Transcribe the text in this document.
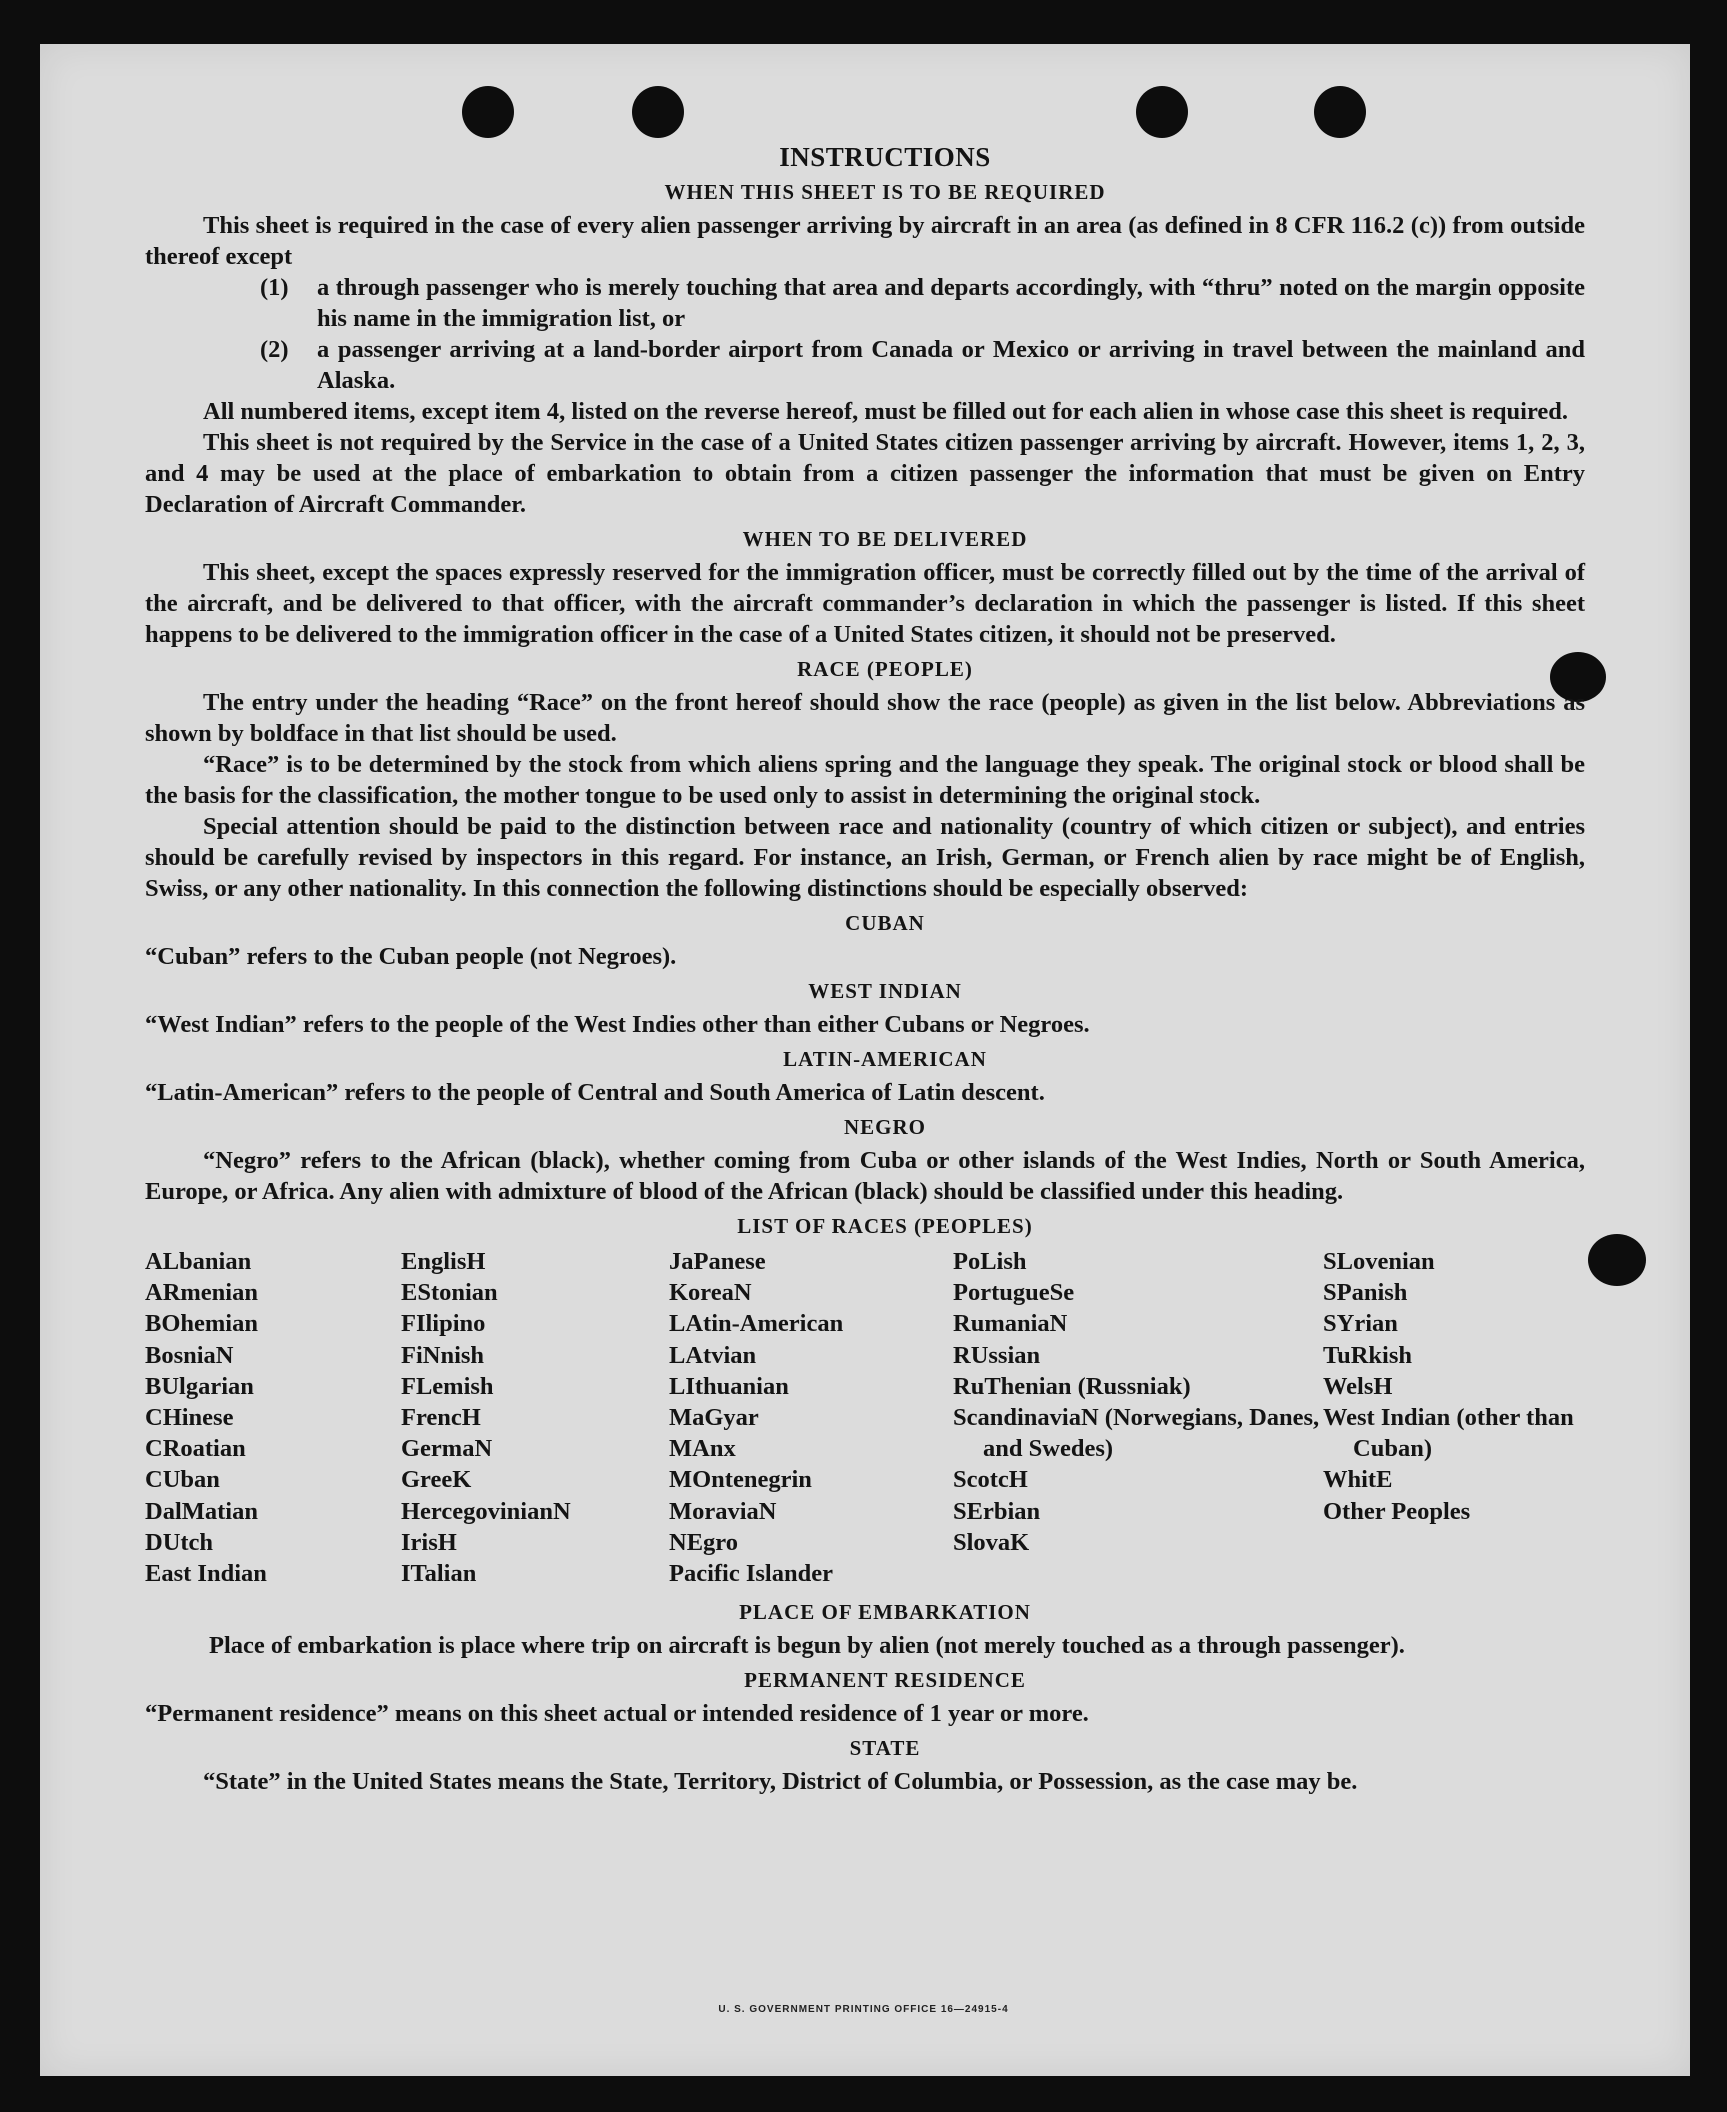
INSTRUCTIONS
WHEN THIS SHEET IS TO BE REQUIRED

This sheet is required in the case of every alien passenger arriving by aircraft in an area (as defined in 8 CFR 116.2 (c)) from outside thereof except

(1)	a through passenger who is merely touching that area and departs accordingly, with “thru” noted on the margin opposite his name in the immigration list, or
(2)	a passenger arriving at a land-border airport from Canada or Mexico or arriving in travel between the mainland and Alaska.

All numbered items, except item 4, listed on the reverse hereof, must be filled out for each alien in whose case this sheet is required.

This sheet is not required by the Service in the case of a United States citizen passenger arriving by aircraft. However, items 1, 2, 3, and 4 may be used at the place of embarkation to obtain from a citizen passenger the information that must be given on Entry Declaration of Aircraft Commander.

WHEN TO BE DELIVERED

This sheet, except the spaces expressly reserved for the immigration officer, must be correctly filled out by the time of the arrival of the aircraft, and be delivered to that officer, with the aircraft commander’s declaration in which the passenger is listed. If this sheet happens to be delivered to the immigration officer in the case of a United States citizen, it should not be preserved.

RACE (PEOPLE)

The entry under the heading “Race” on the front hereof should show the race (people) as given in the list below. Abbreviations as shown by boldface in that list should be used.

“Race” is to be determined by the stock from which aliens spring and the language they speak. The original stock or blood shall be the basis for the classification, the mother tongue to be used only to assist in determining the original stock.

Special attention should be paid to the distinction between race and nationality (country of which citizen or subject), and entries should be carefully revised by inspectors in this regard. For instance, an Irish, German, or French alien by race might be of English, Swiss, or any other nationality. In this connection the following distinctions should be especially observed:

CUBAN

“Cuban” refers to the Cuban people (not Negroes).

WEST INDIAN

“West Indian” refers to the people of the West Indies other than either Cubans or Negroes.

LATIN-AMERICAN

“Latin-American” refers to the people of Central and South America of Latin descent.

NEGRO

“Negro” refers to the African (black), whether coming from Cuba or other islands of the West Indies, North or South America, Europe, or Africa. Any alien with admixture of blood of the African (black) should be classified under this heading.

LIST OF RACES (PEOPLES)
ALbanian
ARmenian
BOhemian
BosniaN
BUlgarian
CHinese
CRoatian
CUban
DalMatian
DUtch
East Indian
EnglisH
EStonian
FIlipino
FiNnish
FLemish
FrencH
GermaN
GreeK
HercegovinianN
IrisH
ITalian
JaPanese
KoreaN
LAtin-American
LAtvian
LIthuanian
MaGyar
MAnx
MOntenegrin
MoraviaN
NEgro
Pacific Islander
PoLish
PortugueSe
RumaniaN
RUssian
RuThenian (Russniak)
ScandinaviaN (Norwegians, Danes, and Swedes)
ScotcH
SErbian
SlovaK
SLovenian
SPanish
SYrian
TuRkish
WelsH
West Indian (other than Cuban)
WhitE
Other Peoples
PLACE OF EMBARKATION

Place of embarkation is place where trip on aircraft is begun by alien (not merely touched as a through passenger).

PERMANENT RESIDENCE

“Permanent residence” means on this sheet actual or intended residence of 1 year or more.

STATE

“State” in the United States means the State, Territory, District of Columbia, or Possession, as the case may be.

U. S. GOVERNMENT PRINTING OFFICE 16—24915-4
